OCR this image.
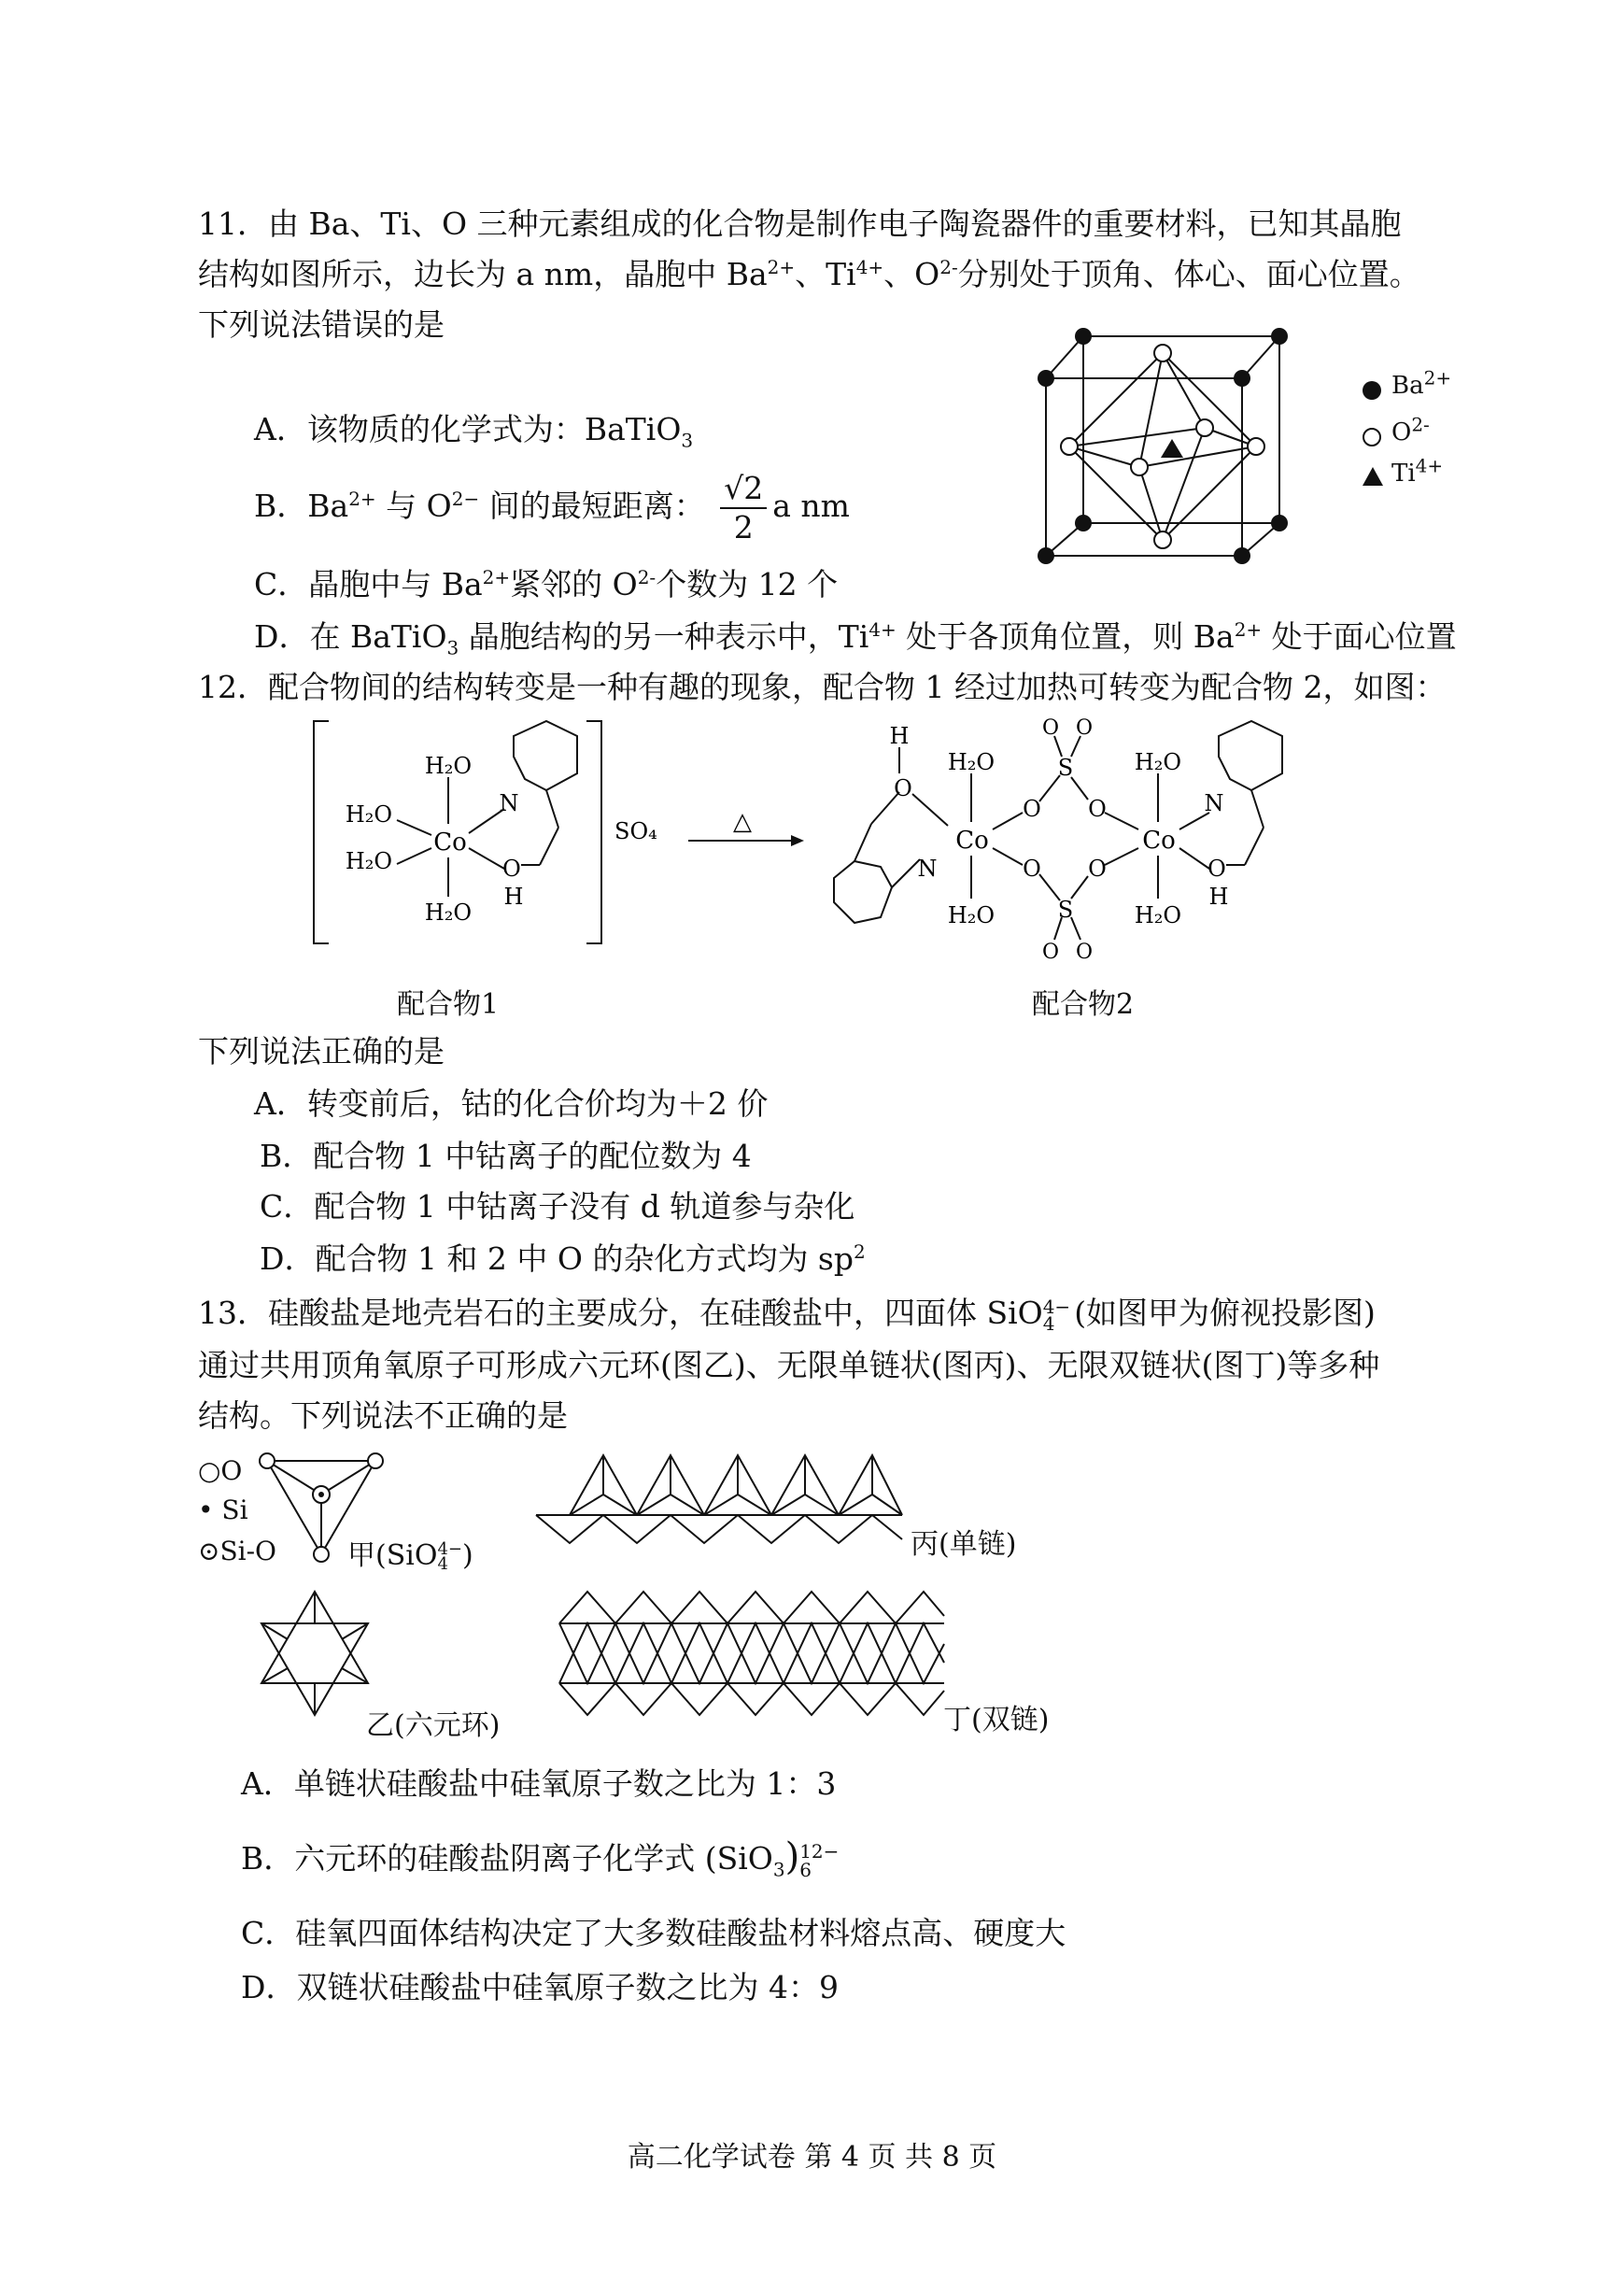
11．由 Ba、Ti、O 三种元素组成的化合物是制作电子陶瓷器件的重要材料，已知其晶胞
结构如图所示，边长为 a nm，晶胞中 $Ba^{2+}$、$Ti^{4+}$、$O^{2-}$分别处于顶角、体心、面心位置。
下列说法错误的是
A．该物质的化学式为：BaTiO$_3$
B．$Ba^{2+}$ 与 $O^{2-}$ 间的最短距离： $\frac{√2}{2}$ a nm
C．晶胞中与 $Ba^{2+}$紧邻的 $O^{2-}$个数为 12 个
D．在 BaTiO$_3$ 晶胞结构的另一种表示中，$Ti^{4+}$ 处于各顶角位置，则 $Ba^{2+}$ 处于面心位置
$Ba^{2+}$
$O^{2-}$
$Ti^{4+}$
12．配合物间的结构转变是一种有趣的现象，配合物 1 经过加热可转变为配合物 2，如图：
H₂O
H₂O
H₂O
H₂O
Co
N
O
H
SO₄	△
H
O
N
H₂O
H₂O
Co
O
S
O O
O
O
S
O O
O
Co
H₂O
H₂O
N
O
H
配合物1	配合物2
下列说法正确的是
A．转变前后，钴的化合价均为＋2 价
B．配合物 1 中钴离子的配位数为 4
C．配合物 1 中钴离子没有 d 轨道参与杂化
D．配合物 1 和 2 中 O 的杂化方式均为 $sp^2$
13．硅酸盐是地壳岩石的主要成分，在硅酸盐中，四面体 SiO 4−
4 (如图甲为俯视投影图)
通过共用顶角氧原子可形成六元环(图乙)、无限单链状(图丙)、无限双链状(图丁)等多种
结构。下列说法不正确的是
○O
• Si
⊙Si-O	甲(SiO 4−
4 )	丙(单链)
乙(六元环)	丁(双链)
A．单链状硅酸盐中硅氧原子数之比为 1：3
B．六元环的硅酸盐阴离子化学式 (SiO$_3$) 12−
6
C．硅氧四面体结构决定了大多数硅酸盐材料熔点高、硬度大
D．双链状硅酸盐中硅氧原子数之比为 4：9
高二化学试卷 第 4 页 共 8 页
